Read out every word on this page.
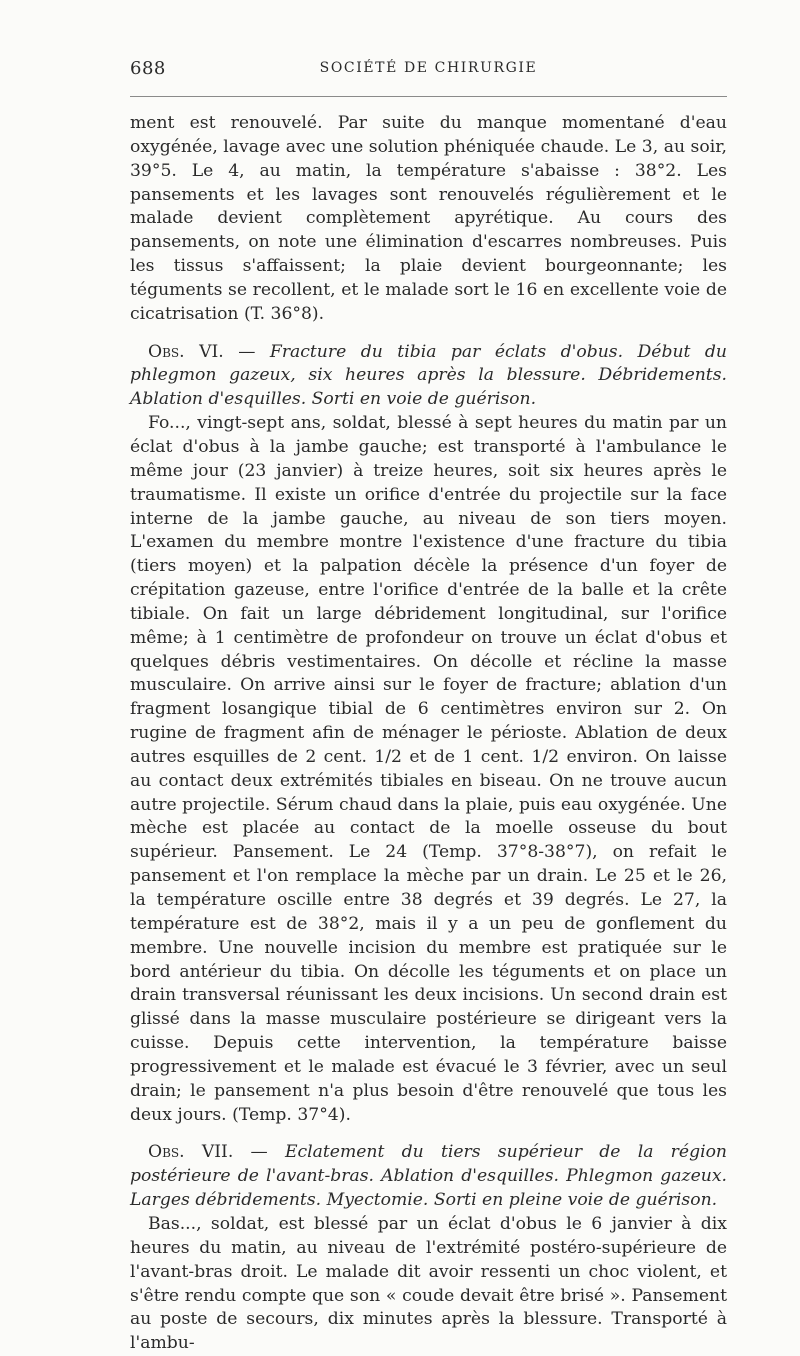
688	SOCIÉTÉ DE CHIRURGIE

ment est renouvelé. Par suite du manque momentané d'eau oxygénée, lavage avec une solution phéniquée chaude. Le 3, au soir, 39°5. Le 4, au matin, la température s'abaisse : 38°2. Les pansements et les lavages sont renouvelés régulièrement et le malade devient complètement apyrétique. Au cours des pansements, on note une élimination d'escarres nombreuses. Puis les tissus s'affaissent; la plaie devient bourgeonnante; les téguments se recollent, et le malade sort le 16 en excellente voie de cicatrisation (T. 36°8).

Obs. VI. — Fracture du tibia par éclats d'obus. Début du phlegmon gazeux, six heures après la blessure. Débridements. Ablation d'esquilles. Sorti en voie de guérison.

Fo..., vingt-sept ans, soldat, blessé à sept heures du matin par un éclat d'obus à la jambe gauche; est transporté à l'ambulance le même jour (23 janvier) à treize heures, soit six heures après le traumatisme. Il existe un orifice d'entrée du projectile sur la face interne de la jambe gauche, au niveau de son tiers moyen. L'examen du membre montre l'existence d'une fracture du tibia (tiers moyen) et la palpation décèle la présence d'un foyer de crépitation gazeuse, entre l'orifice d'entrée de la balle et la crête tibiale. On fait un large débridement longitudinal, sur l'orifice même; à 1 centimètre de profondeur on trouve un éclat d'obus et quelques débris vestimentaires. On décolle et récline la masse musculaire. On arrive ainsi sur le foyer de fracture; ablation d'un fragment losangique tibial de 6 centimètres environ sur 2. On rugine de fragment afin de ménager le périoste. Ablation de deux autres esquilles de 2 cent. 1/2 et de 1 cent. 1/2 environ. On laisse au contact deux extrémités tibiales en biseau. On ne trouve aucun autre projectile. Sérum chaud dans la plaie, puis eau oxygénée. Une mèche est placée au contact de la moelle osseuse du bout supérieur. Pansement. Le 24 (Temp. 37°8-38°7), on refait le pansement et l'on remplace la mèche par un drain. Le 25 et le 26, la température oscille entre 38 degrés et 39 degrés. Le 27, la température est de 38°2, mais il y a un peu de gonflement du membre. Une nouvelle incision du membre est pratiquée sur le bord antérieur du tibia. On décolle les téguments et on place un drain transversal réunissant les deux incisions. Un second drain est glissé dans la masse musculaire postérieure se dirigeant vers la cuisse. Depuis cette intervention, la température baisse progressivement et le malade est évacué le 3 février, avec un seul drain; le pansement n'a plus besoin d'être renouvelé que tous les deux jours. (Temp. 37°4).

Obs. VII. — Eclatement du tiers supérieur de la région postérieure de l'avant-bras. Ablation d'esquilles. Phlegmon gazeux. Larges débridements. Myectomie. Sorti en pleine voie de guérison.

Bas..., soldat, est blessé par un éclat d'obus le 6 janvier à dix heures du matin, au niveau de l'extrémité postéro-supérieure de l'avant-bras droit. Le malade dit avoir ressenti un choc violent, et s'être rendu compte que son « coude devait être brisé ». Pansement au poste de secours, dix minutes après la blessure. Transporté à l'ambu-
